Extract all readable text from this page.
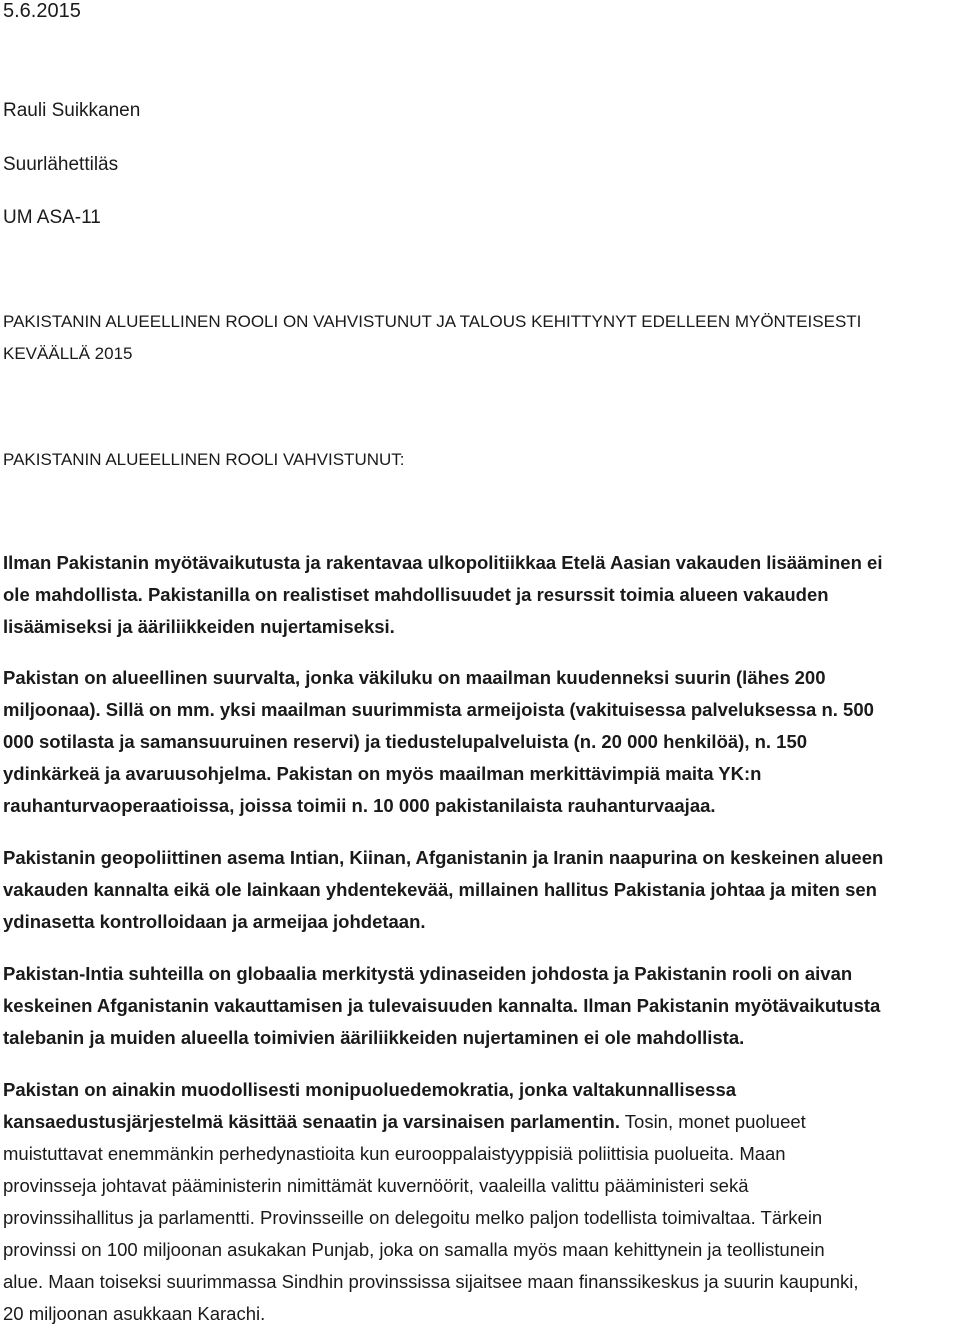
5.6.2015
Rauli Suikkanen
Suurlähettiläs
UM ASA-11
PAKISTANIN ALUEELLINEN ROOLI ON VAHVISTUNUT JA TALOUS KEHITTYNYT EDELLEEN MYÖNTEISESTI
KEVÄÄLLÄ 2015
PAKISTANIN ALUEELLINEN ROOLI VAHVISTUNUT:
Ilman Pakistanin myötävaikutusta ja rakentavaa ulkopolitiikkaa Etelä Aasian vakauden lisääminen ei
ole mahdollista. Pakistanilla on realistiset mahdollisuudet ja resurssit toimia alueen vakauden
lisäämiseksi ja ääriliikkeiden nujertamiseksi.
Pakistan on alueellinen suurvalta, jonka väkiluku on maailman kuudenneksi suurin (lähes 200
miljoonaa). Sillä on mm. yksi maailman suurimmista armeijoista (vakituisessa palveluksessa n. 500
000 sotilasta ja samansuuruinen reservi) ja tiedustelupalveluista (n. 20 000 henkilöä), n. 150
ydinkärkeä ja avaruusohjelma. Pakistan on myös maailman merkittävimpiä maita YK:n
rauhanturvaoperaatioissa, joissa toimii n. 10 000 pakistanilaista rauhanturvaajaa.
Pakistanin geopoliittinen asema Intian, Kiinan, Afganistanin ja Iranin naapurina on keskeinen alueen
vakauden kannalta eikä ole lainkaan yhdentekevää, millainen hallitus Pakistania johtaa ja miten sen
ydinasetta kontrolloidaan ja armeijaa johdetaan.
Pakistan-Intia suhteilla on globaalia merkitystä ydinaseiden johdosta ja Pakistanin rooli on aivan
keskeinen Afganistanin vakauttamisen ja tulevaisuuden kannalta. Ilman Pakistanin myötävaikutusta
talebanin ja muiden alueella toimivien ääriliikkeiden nujertaminen ei ole mahdollista.
Pakistan on ainakin muodollisesti monipuoluedemokratia, jonka valtakunnallisessa
kansaedustusjärjestelmä käsittää senaatin ja varsinaisen parlamentin. Tosin, monet puolueet
muistuttavat enemmänkin perhedynastioita kun eurooppalaistyyppisiä poliittisia puolueita. Maan
provinsseja johtavat pääministerin nimittämät kuvernöörit, vaaleilla valittu pääministeri sekä
provinssihallitus ja parlamentti. Provinsseille on delegoitu melko paljon todellista toimivaltaa. Tärkein
provinssi on 100 miljoonan asukakan Punjab, joka on samalla myös maan kehittynein ja teollistunein
alue. Maan toiseksi suurimmassa Sindhin provinssissa sijaitsee maan finanssikeskus ja suurin kaupunki,
20 miljoonan asukkaan Karachi.
